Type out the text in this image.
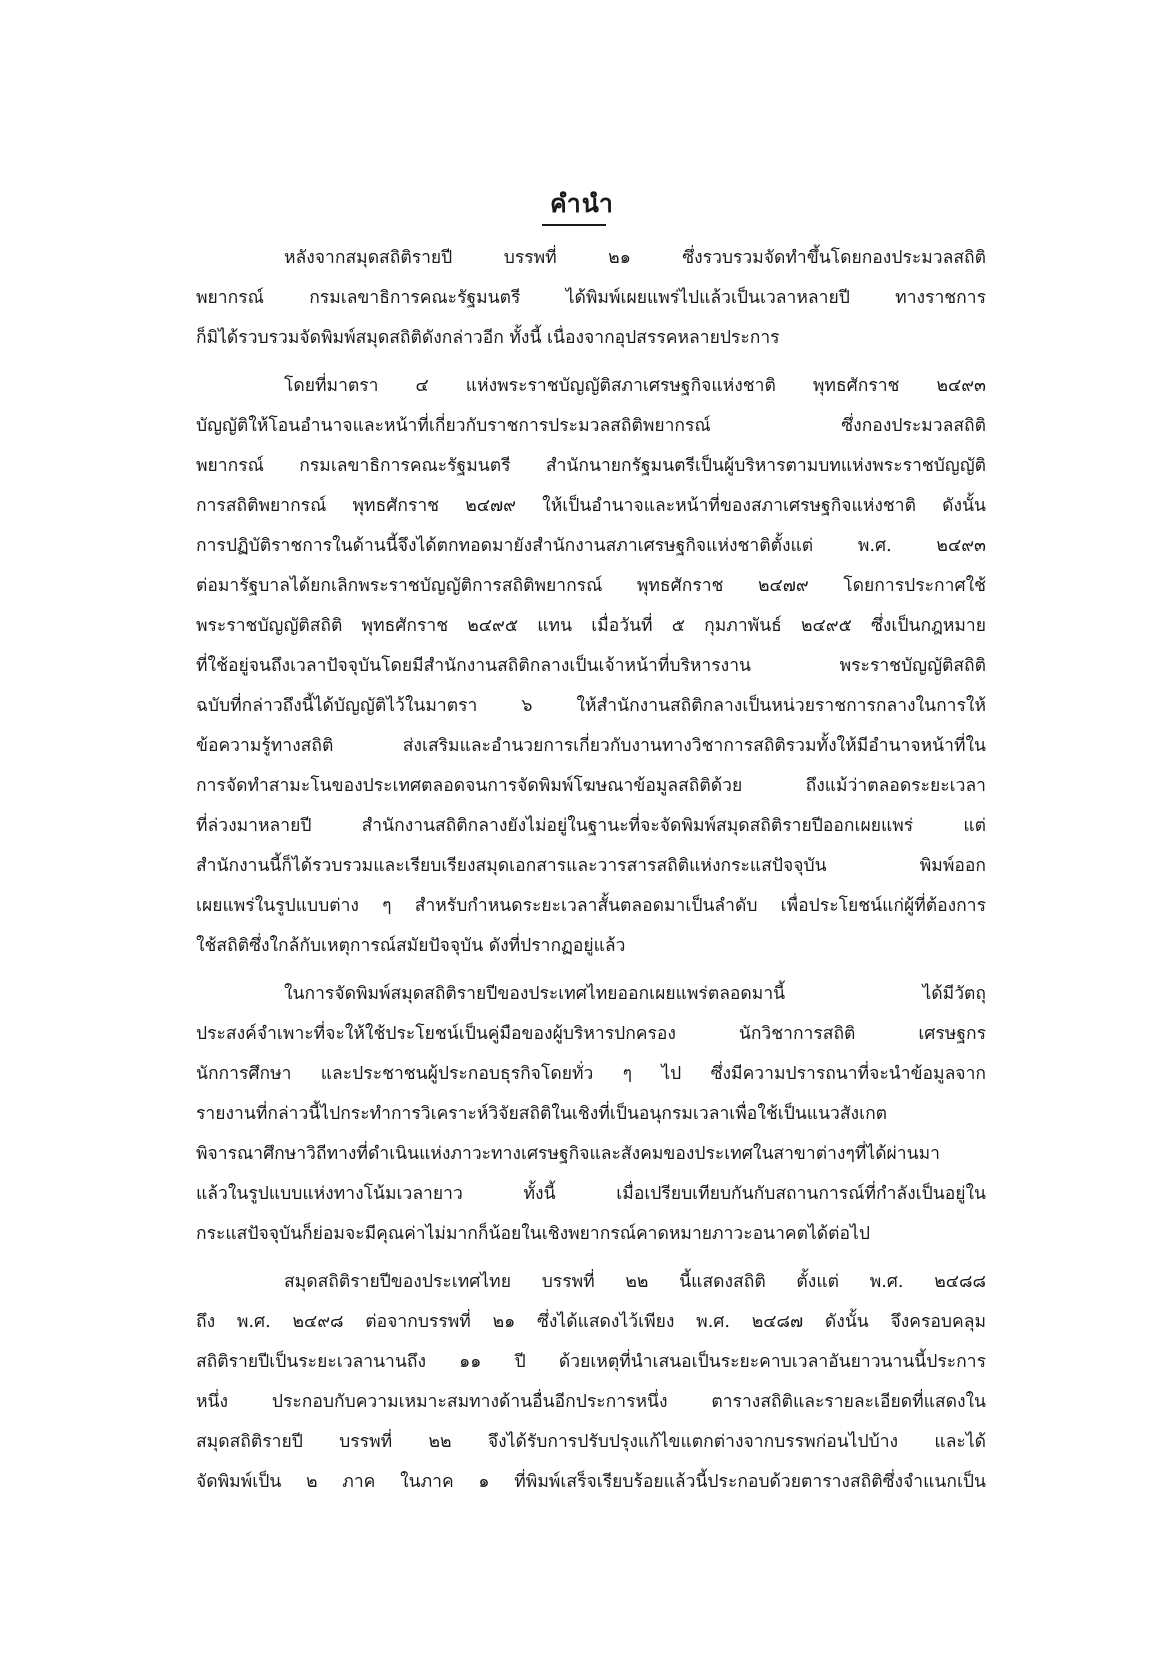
คำนำ
หลังจากสมุดสถิติรายปี บรรพที่ ๒๑ ซึ่งรวบรวมจัดทำขึ้นโดยกองประมวลสถิติ
พยากรณ์ กรมเลขาธิการคณะรัฐมนตรี ได้พิมพ์เผยแพร่ไปแล้วเป็นเวลาหลายปี ทางราชการ
ก็มิได้รวบรวมจัดพิมพ์สมุดสถิติดังกล่าวอีก ทั้งนี้ เนื่องจากอุปสรรคหลายประการ
โดยที่มาตรา ๔ แห่งพระราชบัญญัติสภาเศรษฐกิจแห่งชาติ พุทธศักราช ๒๔๙๓
บัญญัติให้โอนอำนาจและหน้าที่เกี่ยวกับราชการประมวลสถิติพยากรณ์ ซึ่งกองประมวลสถิติ
พยากรณ์ กรมเลขาธิการคณะรัฐมนตรี สำนักนายกรัฐมนตรีเป็นผู้บริหารตามบทแห่งพระราชบัญญัติ
การสถิติพยากรณ์ พุทธศักราช ๒๔๗๙ ให้เป็นอำนาจและหน้าที่ของสภาเศรษฐกิจแห่งชาติ ดังนั้น
การปฏิบัติราชการในด้านนี้จึงได้ตกทอดมายังสำนักงานสภาเศรษฐกิจแห่งชาติตั้งแต่ พ.ศ. ๒๔๙๓
ต่อมารัฐบาลได้ยกเลิกพระราชบัญญัติการสถิติพยากรณ์ พุทธศักราช ๒๔๗๙ โดยการประกาศใช้
พระราชบัญญัติสถิติ พุทธศักราช ๒๔๙๕ แทน เมื่อวันที่ ๕ กุมภาพันธ์ ๒๔๙๕ ซึ่งเป็นกฎหมาย
ที่ใช้อยู่จนถึงเวลาปัจจุบันโดยมีสำนักงานสถิติกลางเป็นเจ้าหน้าที่บริหารงาน พระราชบัญญัติสถิติ
ฉบับที่กล่าวถึงนี้ได้บัญญัติไว้ในมาตรา ๖ ให้สำนักงานสถิติกลางเป็นหน่วยราชการกลางในการให้
ข้อความรู้ทางสถิติ ส่งเสริมและอำนวยการเกี่ยวกับงานทางวิชาการสถิติรวมทั้งให้มีอำนาจหน้าที่ใน
การจัดทำสามะโนของประเทศตลอดจนการจัดพิมพ์โฆษณาข้อมูลสถิติด้วย ถึงแม้ว่าตลอดระยะเวลา
ที่ล่วงมาหลายปี สำนักงานสถิติกลางยังไม่อยู่ในฐานะที่จะจัดพิมพ์สมุดสถิติรายปีออกเผยแพร่ แต่
สำนักงานนี้ก็ได้รวบรวมและเรียบเรียงสมุดเอกสารและวารสารสถิติแห่งกระแสปัจจุบัน พิมพ์ออก
เผยแพร่ในรูปแบบต่าง ๆ สำหรับกำหนดระยะเวลาสั้นตลอดมาเป็นลำดับ เพื่อประโยชน์แก่ผู้ที่ต้องการ
ใช้สถิติซึ่งใกล้กับเหตุการณ์สมัยปัจจุบัน ดังที่ปรากฏอยู่แล้ว
ในการจัดพิมพ์สมุดสถิติรายปีของประเทศไทยออกเผยแพร่ตลอดมานี้ ได้มีวัตถุ
ประสงค์จำเพาะที่จะให้ใช้ประโยชน์เป็นคู่มือของผู้บริหารปกครอง นักวิชาการสถิติ เศรษฐกร
นักการศึกษา และประชาชนผู้ประกอบธุรกิจโดยทั่ว ๆ ไป ซึ่งมีความปรารถนาที่จะนำข้อมูลจาก
รายงานที่กล่าวนี้ไปกระทำการวิเคราะห์วิจัยสถิติในเชิงที่เป็นอนุกรมเวลาเพื่อใช้เป็นแนวสังเกต
พิจารณาศึกษาวิถีทางที่ดำเนินแห่งภาวะทางเศรษฐกิจและสังคมของประเทศในสาขาต่างๆที่ได้ผ่านมา
แล้วในรูปแบบแห่งทางโน้มเวลายาว ทั้งนี้ เมื่อเปรียบเทียบกันกับสถานการณ์ที่กำลังเป็นอยู่ใน
กระแสปัจจุบันก็ย่อมจะมีคุณค่าไม่มากก็น้อยในเชิงพยากรณ์คาดหมายภาวะอนาคตได้ต่อไป
สมุดสถิติรายปีของประเทศไทย บรรพที่ ๒๒ นี้แสดงสถิติ ตั้งแต่ พ.ศ. ๒๔๘๘
ถึง พ.ศ. ๒๔๙๘ ต่อจากบรรพที่ ๒๑ ซึ่งได้แสดงไว้เพียง พ.ศ. ๒๔๘๗ ดังนั้น จึงครอบคลุม
สถิติรายปีเป็นระยะเวลานานถึง ๑๑ ปี ด้วยเหตุที่นำเสนอเป็นระยะคาบเวลาอันยาวนานนี้ประการ
หนึ่ง ประกอบกับความเหมาะสมทางด้านอื่นอีกประการหนึ่ง ตารางสถิติและรายละเอียดที่แสดงใน
สมุดสถิติรายปี บรรพที่ ๒๒ จึงได้รับการปรับปรุงแก้ไขแตกต่างจากบรรพก่อนไปบ้าง และได้
จัดพิมพ์เป็น ๒ ภาค ในภาค ๑ ที่พิมพ์เสร็จเรียบร้อยแล้วนี้ประกอบด้วยตารางสถิติซึ่งจำแนกเป็น
